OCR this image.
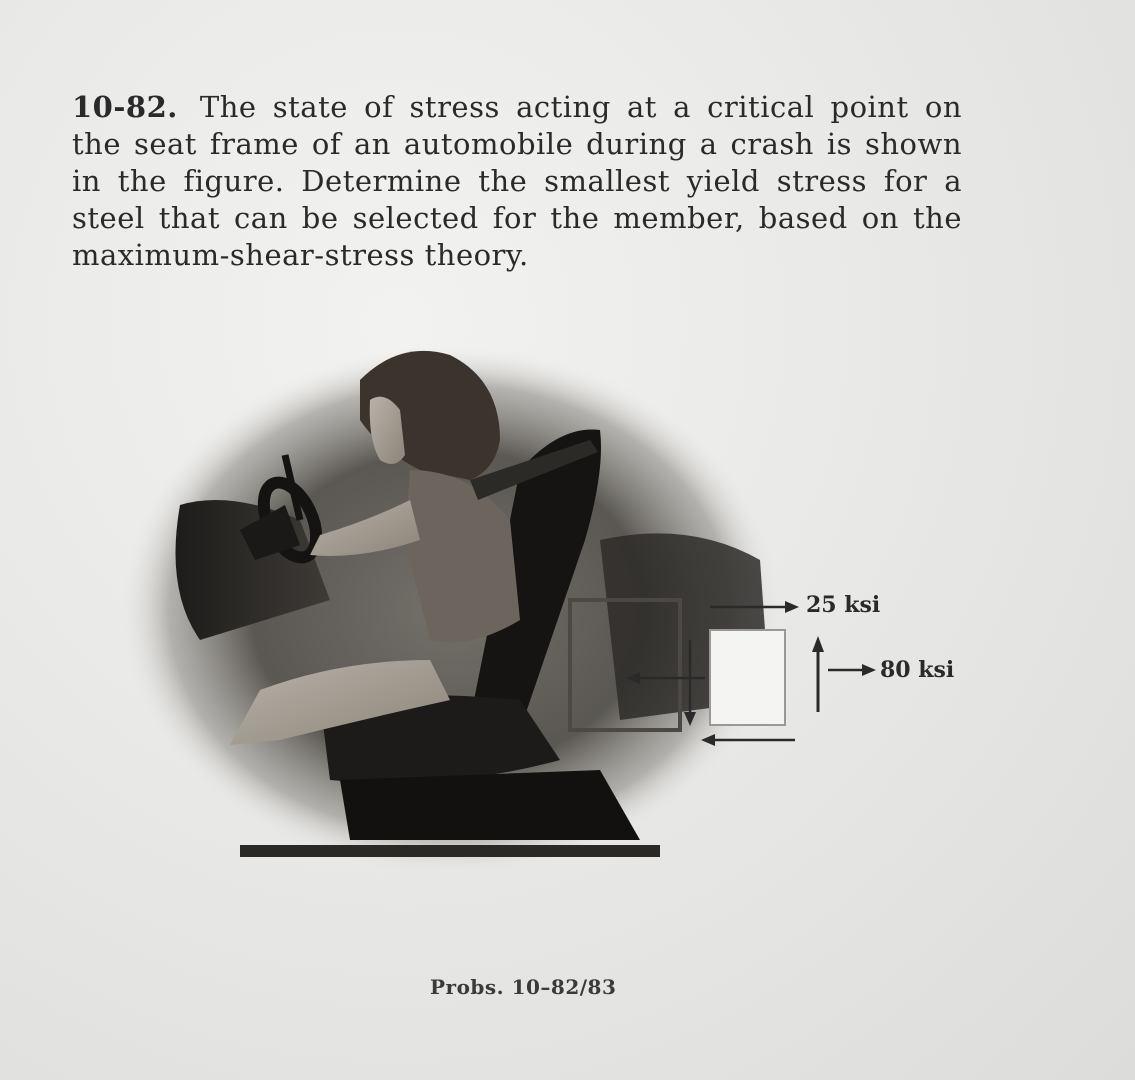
10-82. The state of stress acting at a critical point on the seat frame of an automobile during a crash is shown in the figure. Determine the smallest yield stress for a steel that can be selected for the member, based on the maximum-shear-stress theory.

25 ksi
80 ksi
Probs. 10–82/83
